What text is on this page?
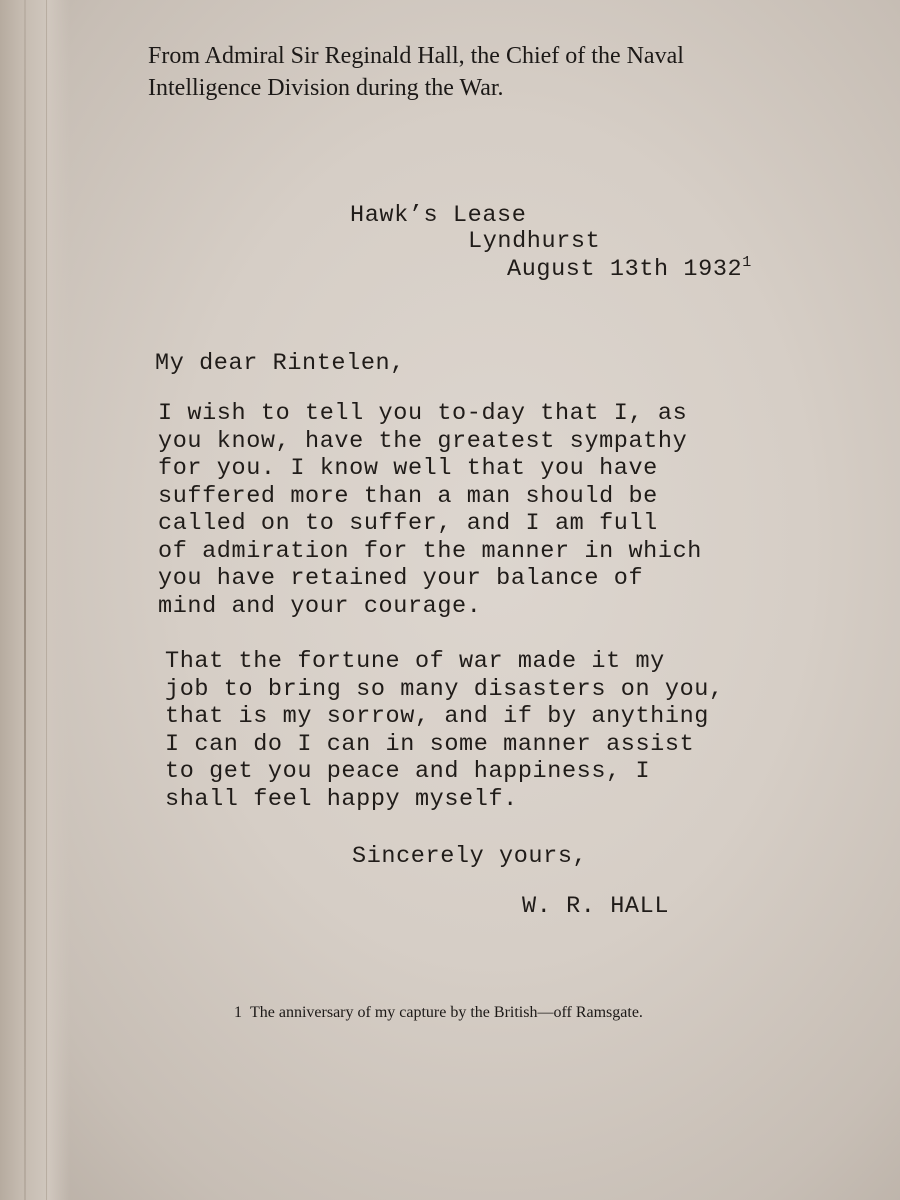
From Admiral Sir Reginald Hall, the Chief of the Naval
Intelligence Division during the War.
Hawk’s Lease
Lyndhurst
August 13th 1932$^1$
My dear Rintelen,
I wish to tell you to-day that I, as
you know, have the greatest sympathy
for you. I know well that you have
suffered more than a man should be
called on to suffer, and I am full
of admiration for the manner in which
you have retained your balance of
mind and your courage.
That the fortune of war made it my
job to bring so many disasters on you,
that is my sorrow, and if by anything
I can do I can in some manner assist
to get you peace and happiness, I
shall feel happy myself.
Sincerely yours,
W. R. HALL
1 The anniversary of my capture by the British—off Ramsgate.
